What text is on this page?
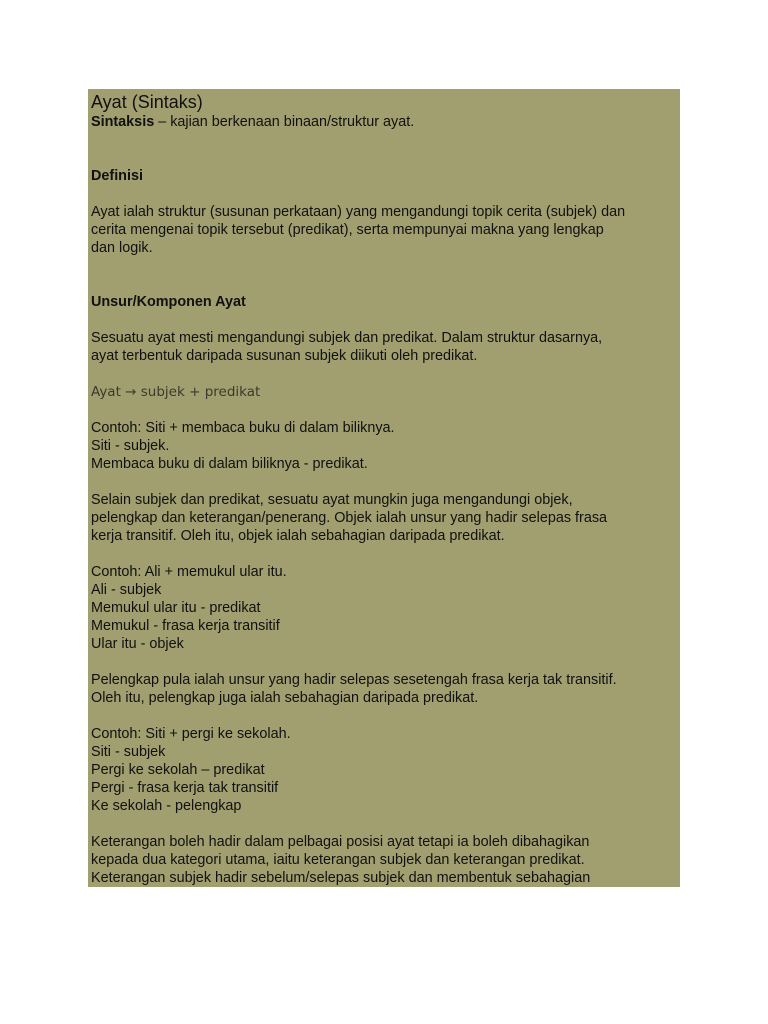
Ayat (Sintaks)

Sintaksis – kajian berkenaan binaan/struktur ayat.

Definisi

Ayat ialah struktur (susunan perkataan) yang mengandungi topik cerita (subjek) dan

cerita mengenai topik tersebut (predikat), serta mempunyai makna yang lengkap

dan logik.

Unsur/Komponen Ayat

Sesuatu ayat mesti mengandungi subjek dan predikat. Dalam struktur dasarnya,

ayat terbentuk daripada susunan subjek diikuti oleh predikat.

Ayat → subjek + predikat

Contoh: Siti + membaca buku di dalam biliknya.

Siti - subjek.

Membaca buku di dalam biliknya - predikat.

Selain subjek dan predikat, sesuatu ayat mungkin juga mengandungi objek,

pelengkap dan keterangan/penerang. Objek ialah unsur yang hadir selepas frasa

kerja transitif. Oleh itu, objek ialah sebahagian daripada predikat.

Contoh: Ali + memukul ular itu.

Ali - subjek

Memukul ular itu - predikat

Memukul - frasa kerja transitif

Ular itu - objek

Pelengkap pula ialah unsur yang hadir selepas sesetengah frasa kerja tak transitif.

Oleh itu, pelengkap juga ialah sebahagian daripada predikat.

Contoh: Siti + pergi ke sekolah.

Siti - subjek

Pergi ke sekolah – predikat

Pergi - frasa kerja tak transitif

Ke sekolah - pelengkap

Keterangan boleh hadir dalam pelbagai posisi ayat tetapi ia boleh dibahagikan

kepada dua kategori utama, iaitu keterangan subjek dan keterangan predikat.

Keterangan subjek hadir sebelum/selepas subjek dan membentuk sebahagian
